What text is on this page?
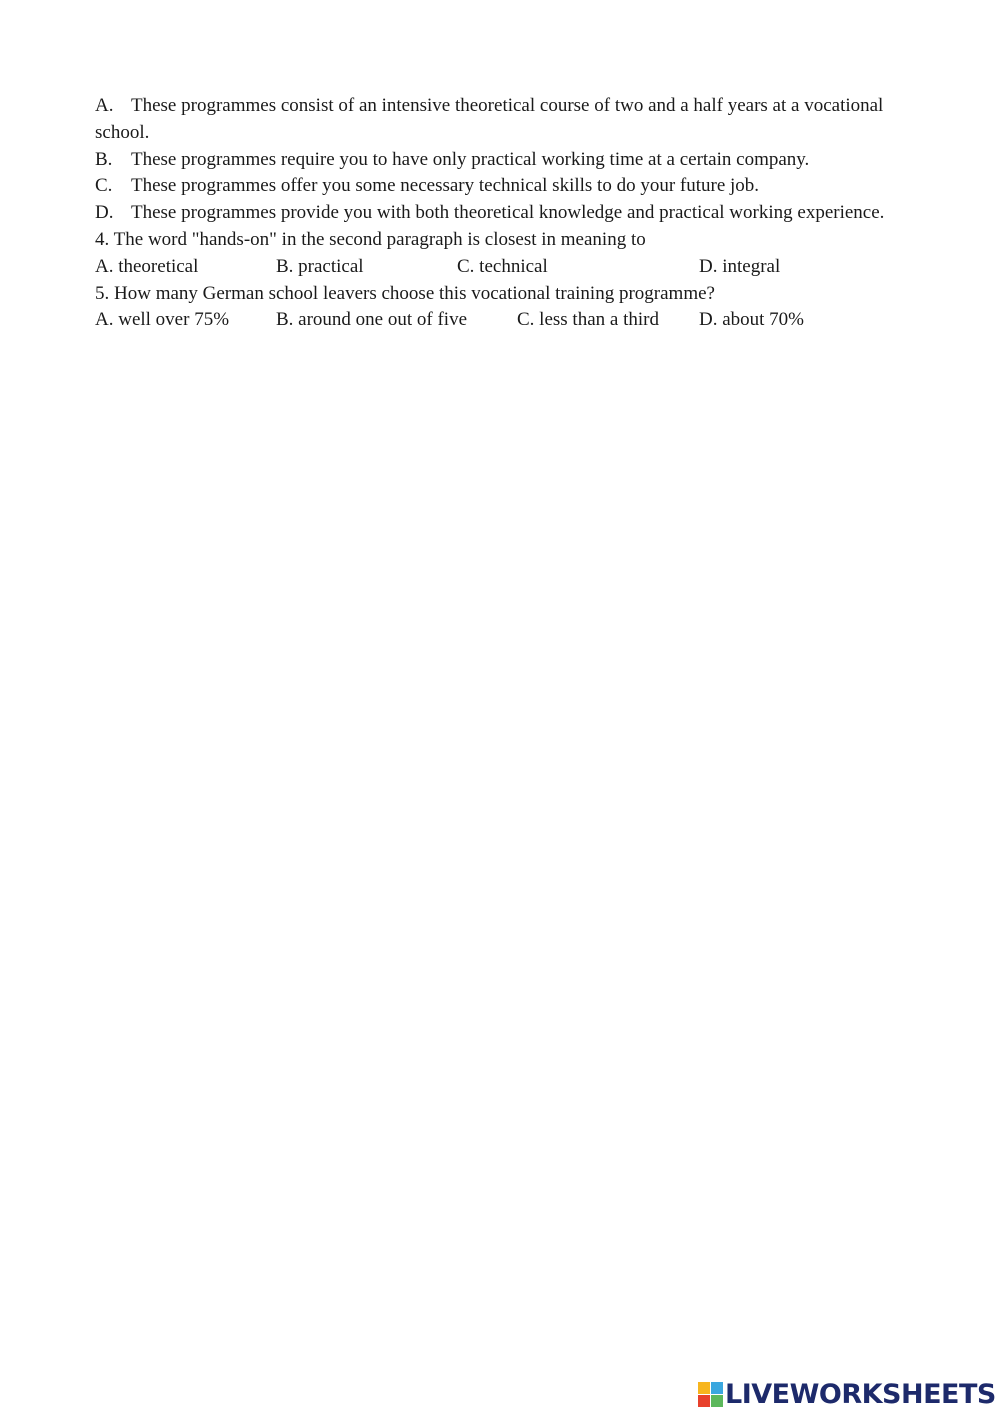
A. These programmes consist of an intensive theoretical course of two and a half years at a vocational school.
B. These programmes require you to have only practical working time at a certain company.
C. These programmes offer you some necessary technical skills to do your future job.
D. These programmes provide you with both theoretical knowledge and practical working experience.
4. The word "hands-on" in the second paragraph is closest in meaning to
A. theoretical	B. practical	C. technical	D. integral
5. How many German school leavers choose this vocational training programme?
A. well over 75% B. around one out of five	C. less than a third D. about 70%
LIVEWORKSHEETS
